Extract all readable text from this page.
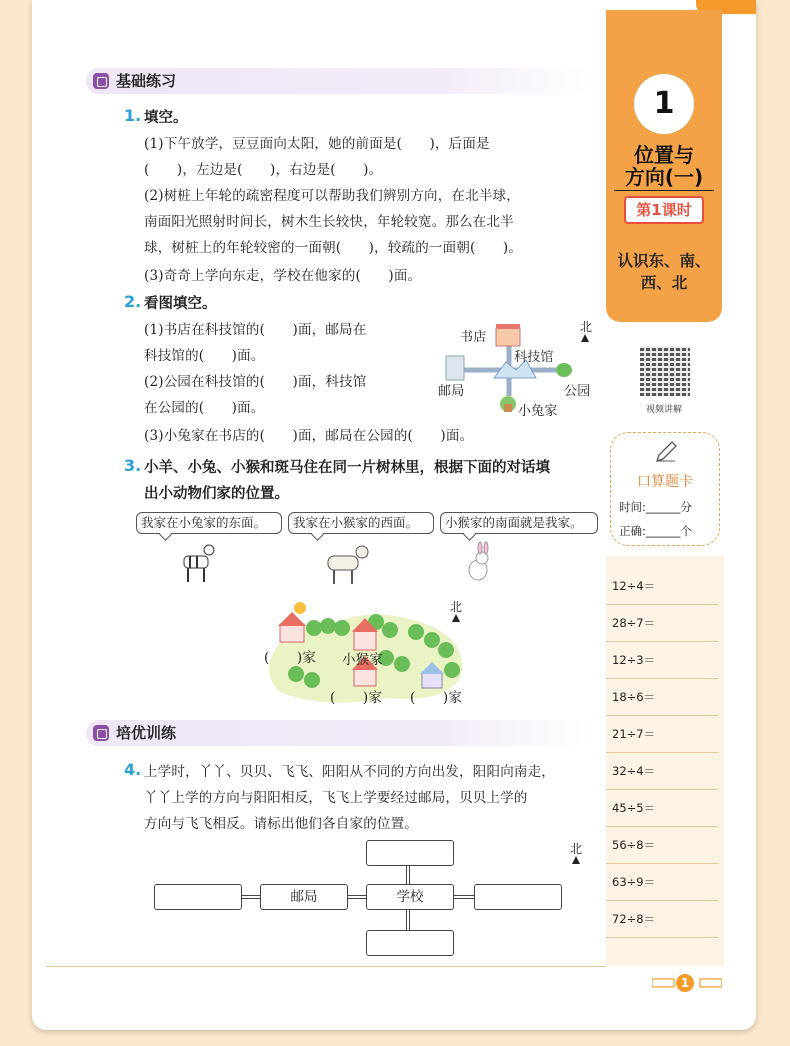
基础练习
1. 填空。
(1)下午放学，豆豆面向太阳，她的前面是(　　)，后面是
(　　)，左边是(　　)，右边是(　　)。
(2)树桩上年轮的疏密程度可以帮助我们辨别方向，在北半球，
南面阳光照射时间长，树木生长较快，年轮较宽。那么在北半
球，树桩上的年轮较密的一面朝(　　)，较疏的一面朝(　　)。
(3)奇奇上学向东走，学校在他家的(　　)面。
2. 看图填空。
(1)书店在科技馆的(　　)面，邮局在
科技馆的(　　)面。
(2)公园在科技馆的(　　)面，科技馆
在公园的(　　)面。
(3)小兔家在书店的(　　)面，邮局在公园的(　　)面。
北
书店
科技馆
邮局	公园
小兔家
3. 小羊、小兔、小猴和斑马住在同一片树林里，根据下面的对话填
出小动物们家的位置。
我家在小兔家的东面。	我家在小猴家的西面。	小猴家的南面就是我家。
北
(　　)家 小猴家
(　　)家 (　　)家
培优训练
4. 上学时，丫丫、贝贝、飞飞、阳阳从不同的方向出发，阳阳向南走，
丫丫上学的方向与阳阳相反，飞飞上学要经过邮局，贝贝上学的
方向与飞飞相反。请标出他们各自家的位置。
北
邮局	学校
1
位置与
方向(一)
第1课时
认识东、南、
西、北
视频讲解
口算题卡
时间:______分
正确:______个
12÷4＝
28÷7＝
12÷3＝
18÷6＝
21÷7＝
32÷4＝
45÷5＝
56÷8＝
63÷9＝
72÷8＝
1
